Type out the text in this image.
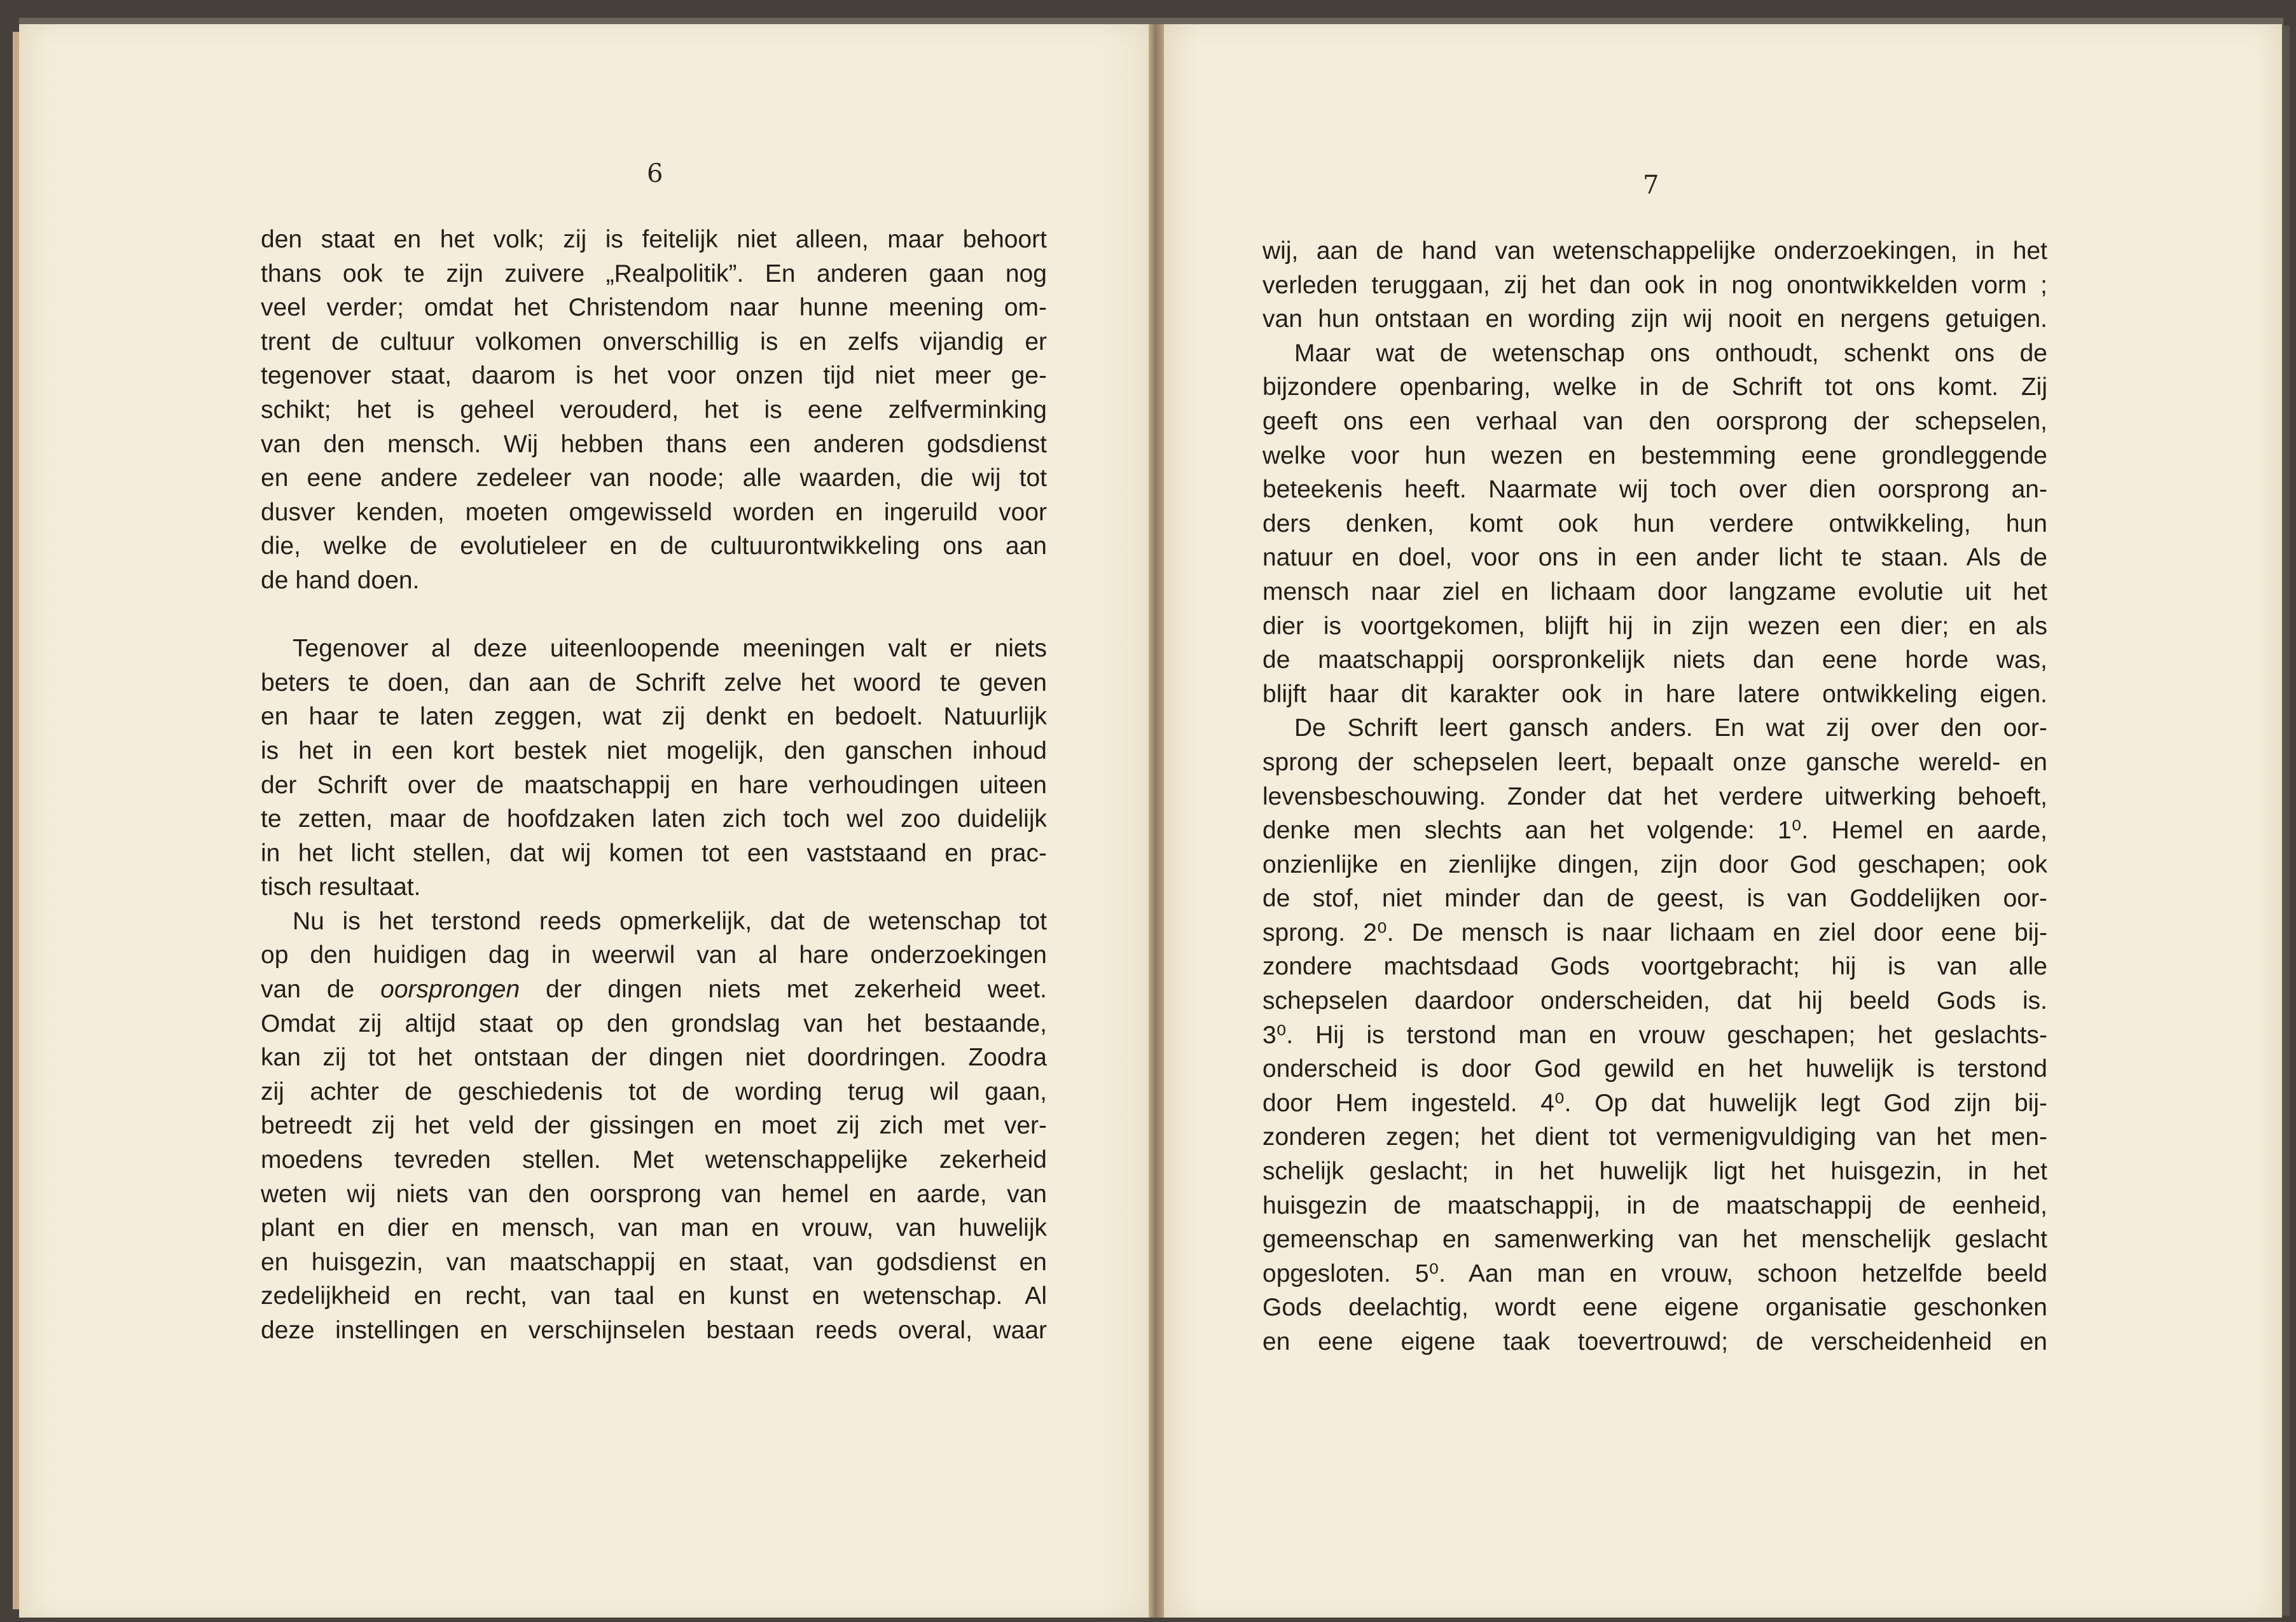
6	7
den staat en het volk; zij is feitelijk niet alleen, maar behoort
thans ook te zijn zuivere „Realpolitik”. En anderen gaan nog
veel verder; omdat het Christendom naar hunne meening om-
trent de cultuur volkomen onverschillig is en zelfs vijandig er
tegenover staat, daarom is het voor onzen tijd niet meer ge-
schikt; het is geheel verouderd, het is eene zelfverminking
van den mensch. Wij hebben thans een anderen godsdienst
en eene andere zedeleer van noode; alle waarden, die wij tot
dusver kenden, moeten omgewisseld worden en ingeruild voor
die, welke de evolutieleer en de cultuurontwikkeling ons aan
de hand doen.
Tegenover al deze uiteenloopende meeningen valt er niets
beters te doen, dan aan de Schrift zelve het woord te geven
en haar te laten zeggen, wat zij denkt en bedoelt. Natuurlijk
is het in een kort bestek niet mogelijk, den ganschen inhoud
der Schrift over de maatschappij en hare verhoudingen uiteen
te zetten, maar de hoofdzaken laten zich toch wel zoo duidelijk
in het licht stellen, dat wij komen tot een vaststaand en prac-
tisch resultaat.
Nu is het terstond reeds opmerkelijk, dat de wetenschap tot
op den huidigen dag in weerwil van al hare onderzoekingen
van de oorsprongen der dingen niets met zekerheid weet.
Omdat zij altijd staat op den grondslag van het bestaande,
kan zij tot het ontstaan der dingen niet doordringen. Zoodra
zij achter de geschiedenis tot de wording terug wil gaan,
betreedt zij het veld der gissingen en moet zij zich met ver-
moedens tevreden stellen. Met wetenschappelijke zekerheid
weten wij niets van den oorsprong van hemel en aarde, van
plant en dier en mensch, van man en vrouw, van huwelijk
en huisgezin, van maatschappij en staat, van godsdienst en
zedelijkheid en recht, van taal en kunst en wetenschap. Al
deze instellingen en verschijnselen bestaan reeds overal, waar
wij, aan de hand van wetenschappelijke onderzoekingen, in het
verleden teruggaan, zij het dan ook in nog onontwikkelden vorm ;
van hun ontstaan en wording zijn wij nooit en nergens getuigen.
Maar wat de wetenschap ons onthoudt, schenkt ons de
bijzondere openbaring, welke in de Schrift tot ons komt. Zij
geeft ons een verhaal van den oorsprong der schepselen,
welke voor hun wezen en bestemming eene grondleggende
beteekenis heeft. Naarmate wij toch over dien oorsprong an-
ders denken, komt ook hun verdere ontwikkeling, hun
natuur en doel, voor ons in een ander licht te staan. Als de
mensch naar ziel en lichaam door langzame evolutie uit het
dier is voortgekomen, blijft hij in zijn wezen een dier; en als
de maatschappij oorspronkelijk niets dan eene horde was,
blijft haar dit karakter ook in hare latere ontwikkeling eigen.
De Schrift leert gansch anders. En wat zij over den oor-
sprong der schepselen leert, bepaalt onze gansche wereld- en
levensbeschouwing. Zonder dat het verdere uitwerking behoeft,
denke men slechts aan het volgende: 1⁰. Hemel en aarde,
onzienlijke en zienlijke dingen, zijn door God geschapen; ook
de stof, niet minder dan de geest, is van Goddelijken oor-
sprong. 2⁰. De mensch is naar lichaam en ziel door eene bij-
zondere machtsdaad Gods voortgebracht; hij is van alle
schepselen daardoor onderscheiden, dat hij beeld Gods is.
3⁰. Hij is terstond man en vrouw geschapen; het geslachts-
onderscheid is door God gewild en het huwelijk is terstond
door Hem ingesteld. 4⁰. Op dat huwelijk legt God zijn bij-
zonderen zegen; het dient tot vermenigvuldiging van het men-
schelijk geslacht; in het huwelijk ligt het huisgezin, in het
huisgezin de maatschappij, in de maatschappij de eenheid,
gemeenschap en samenwerking van het menschelijk geslacht
opgesloten. 5⁰. Aan man en vrouw, schoon hetzelfde beeld
Gods deelachtig, wordt eene eigene organisatie geschonken
en eene eigene taak toevertrouwd; de verscheidenheid en
